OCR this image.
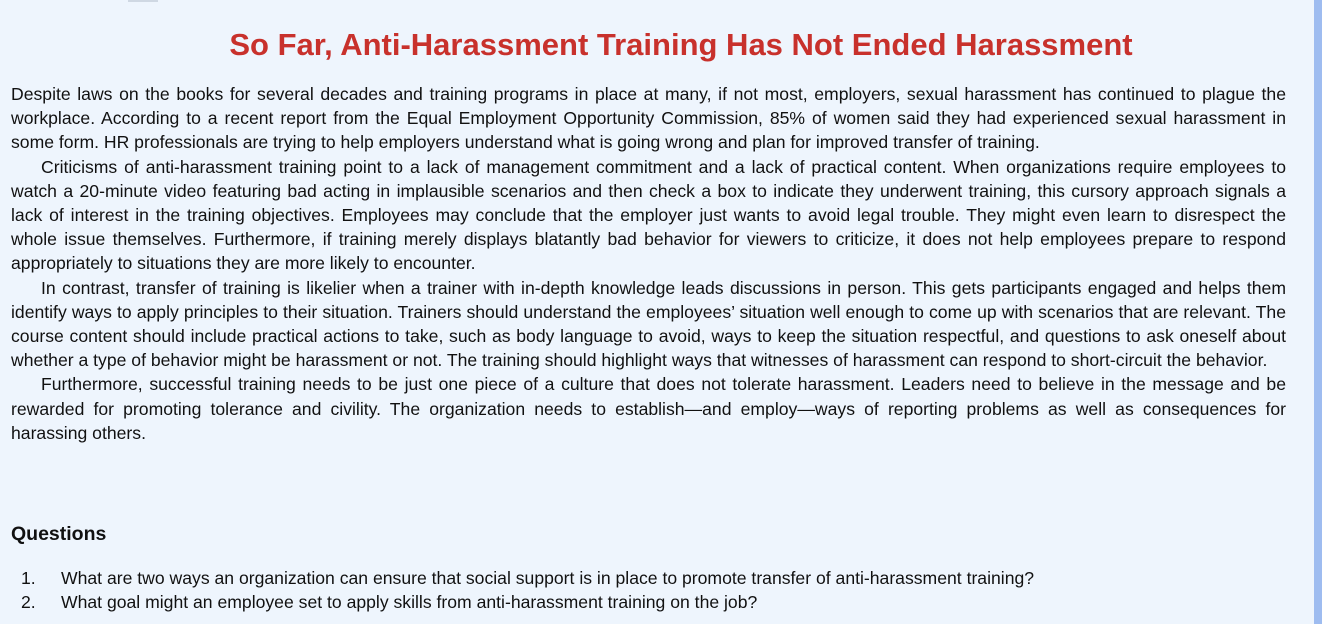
So Far, Anti-Harassment Training Has Not Ended Harassment

Despite laws on the books for several decades and training programs in place at many, if not most, employers, sexual harassment has continued to plague the workplace. According to a recent report from the Equal Employment Opportunity Commission, 85% of women said they had experienced sexual harassment in some form. HR professionals are trying to help employers understand what is going wrong and plan for improved transfer of training.

Criticisms of anti-harassment training point to a lack of management commitment and a lack of practical content. When organizations require employees to watch a 20-minute video featuring bad acting in implausible scenarios and then check a box to indicate they underwent training, this cursory approach signals a lack of interest in the training objectives. Employees may conclude that the employer just wants to avoid legal trouble. They might even learn to disrespect the whole issue themselves. Furthermore, if training merely displays blatantly bad behavior for viewers to criticize, it does not help employees prepare to respond appropriately to situations they are more likely to encounter.

In contrast, transfer of training is likelier when a trainer with in-depth knowledge leads discussions in person. This gets participants engaged and helps them identify ways to apply principles to their situation. Trainers should understand the employees’ situation well enough to come up with scenarios that are relevant. The course content should include practical actions to take, such as body language to avoid, ways to keep the situation respectful, and questions to ask oneself about whether a type of behavior might be harassment or not. The training should highlight ways that witnesses of harassment can respond to short-circuit the behavior.

Furthermore, successful training needs to be just one piece of a culture that does not tolerate harassment. Leaders need to believe in the message and be rewarded for promoting tolerance and civility. The organization needs to establish—and employ—ways of reporting problems as well as consequences for harassing others.

Questions
1. What are two ways an organization can ensure that social support is in place to promote transfer of anti-harassment training?
2. What goal might an employee set to apply skills from anti-harassment training on the job?
